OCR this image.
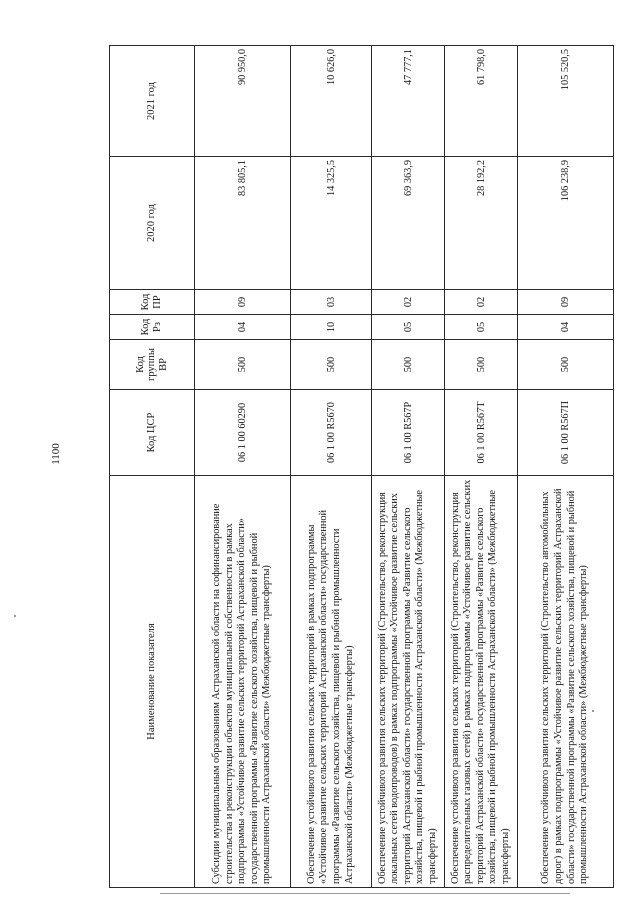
1100
Наименование показателя	Код ЦСР	Код группы ВР	Код Рз	Код ПР	2020 год	2021 год
Субсидии муниципальным образованиям Астраханской области на софинансирование строительства и реконструкции объектов муниципальной собственности в рамках подпрограммы «Устойчивое развитие сельских территорий Астраханской области» государственной программы «Развитие сельского хозяйства, пищевой и рыбной промышленности Астраханской области» (Межбюджетные трансферты)	06 1 00 60290	500	04	09	83 805,1	90 950,0
Обеспечение устойчивого развития сельских территорий в рамках подпрограммы «Устойчивое развитие сельских территорий Астраханской области» государственной программы «Развитие сельского хозяйства, пищевой и рыбной промышленности Астраханской области» (Межбюджетные трансферты)	06 1 00 R5670	500	10	03	14 325,5	10 626,0
Обеспечение устойчивого развития сельских территорий (Строительство, реконструкция локальных сетей водопроводов) в рамках подпрограммы «Устойчивое развитие сельских территорий Астраханской области» государственной программы «Развитие сельского хозяйства, пищевой и рыбной промышленности Астраханской области» (Межбюджетные трансферты)	06 1 00 R567P	500	05	02	69 363,9	47 777,1
Обеспечение устойчивого развития сельских территорий (Строительство, реконструкция распределительных газовых сетей) в рамках подпрограммы «Устойчивое развитие сельских территорий Астраханской области» государственной программы «Развитие сельского хозяйства, пищевой и рыбной промышленности Астраханской области» (Межбюджетные трансферты)	06 1 00 R567T	500	05	02	28 192,2	61 798,0
Обеспечение устойчивого развития сельских территорий (Строительство автомобильных дорог) в рамках подпрограммы «Устойчивое развитие сельских территорий Астраханской области» государственной программы «Развитие сельского хозяйства, пищевой и рыбной промышленности Астраханской области» (Межбюджетные трансферты)	06 1 00 R567П	500	04	09	106 238,9	105 520,5
